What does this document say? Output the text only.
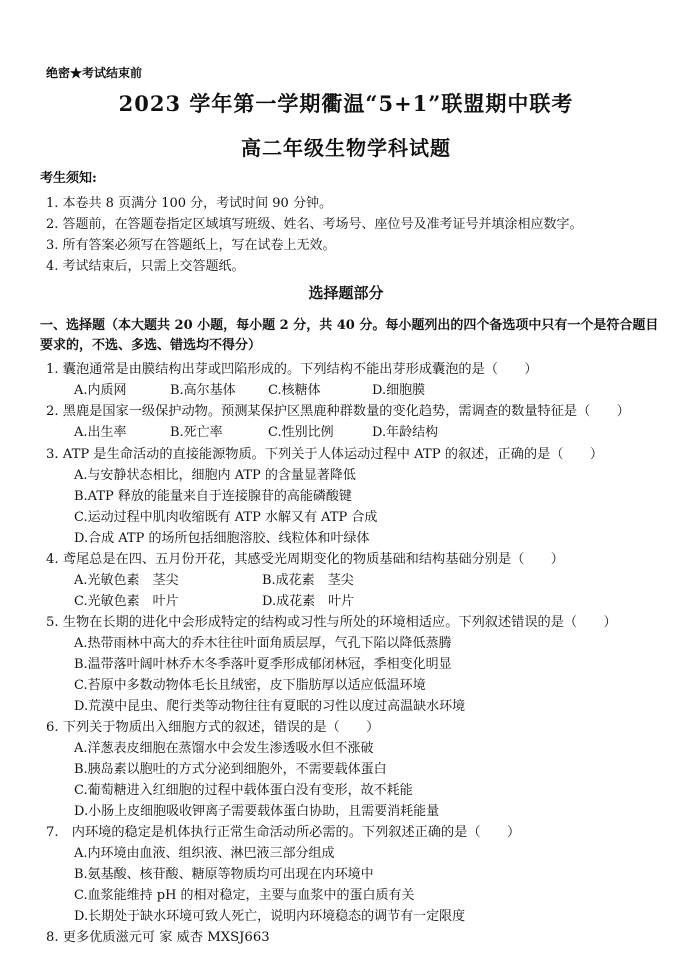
绝密★考试结束前
2023 学年第一学期衢温“5+1”联盟期中联考
高二年级生物学科试题
考生须知:
1. 本卷共 8 页满分 100 分，考试时间 90 分钟。
2. 答题前，在答题卷指定区域填写班级、姓名、考场号、座位号及准考证号并填涂相应数字。
3. 所有答案必须写在答题纸上，写在试卷上无效。
4. 考试结束后，只需上交答题纸。
选择题部分
一、选择题（本大题共 20 小题，每小题 2 分，共 40 分。每小题列出的四个备选项中只有一个是符合题目要求的，不选、多选、错选均不得分）
1. 囊泡通常是由膜结构出芽或凹陷形成的。下列结构不能出芽形成囊泡的是（　　）
A.内质网	B.高尔基体 C.核糖体	D.细胞膜
2. 黑鹿是国家一级保护动物。预测某保护区黑鹿种群数量的变化趋势，需调查的数量特征是（　　）
A.出生率	B.死亡率	C.性别比例	D.年龄结构
3. ATP 是生命活动的直接能源物质。下列关于人体运动过程中 ATP 的叙述，正确的是（　　）
A.与安静状态相比，细胞内 ATP 的含量显著降低
B.ATP 释放的能量来自于连接腺苷的高能磷酸键
C.运动过程中肌肉收缩既有 ATP 水解又有 ATP 合成
D.合成 ATP 的场所包括细胞溶胶、线粒体和叶绿体
4. 鸢尾总是在四、五月份开花，其感受光周期变化的物质基础和结构基础分别是（　　）
A.光敏色素　茎尖	B.成花素　茎尖
C.光敏色素　叶片	D.成花素　叶片
5. 生物在长期的进化中会形成特定的结构或习性与所处的环境相适应。下列叙述错误的是（　　）
A.热带雨林中高大的乔木往往叶面角质层厚，气孔下陷以降低蒸腾
B.温带落叶阔叶林乔木冬季落叶夏季形成郁闭林冠，季相变化明显
C.苔原中多数动物体毛长且绒密，皮下脂肪厚以适应低温环境
D.荒漠中昆虫、爬行类等动物往往有夏眠的习性以度过高温缺水环境
6. 下列关于物质出入细胞方式的叙述，错误的是（　　）
A.洋葱表皮细胞在蒸馏水中会发生渗透吸水但不涨破
B.胰岛素以胞吐的方式分泌到细胞外，不需要载体蛋白
C.葡萄糖进入红细胞的过程中载体蛋白没有变形，故不耗能
D.小肠上皮细胞吸收钾离子需要载体蛋白协助，且需要消耗能量
7.　内环境的稳定是机体执行正常生命活动所必需的。下列叙述正确的是（　　）
A.内环境由血液、组织液、淋巴液三部分组成
B.氨基酸、核苷酸、糖原等物质均可出现在内环境中
C.血浆能维持 pH 的相对稳定，主要与血浆中的蛋白质有关
D.长期处于缺水环境可致人死亡，说明内环境稳态的调节有一定限度
8. 更多优质滋元可 家 威杏 MXSJ663
